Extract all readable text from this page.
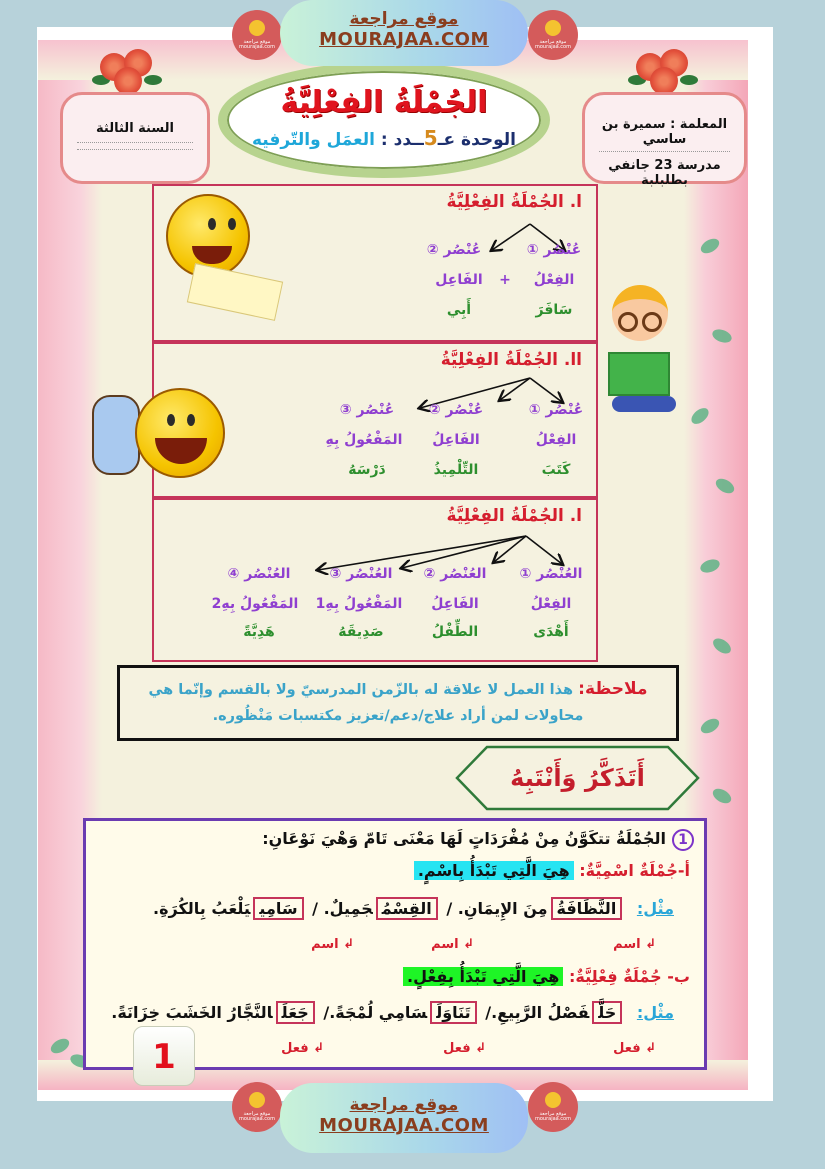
موقع مراجعة mourajaa.com
موقع مراجعة
MOURAJAA.COM	موقع مراجعة mourajaa.com
السنة الثالثة
الجُمْلَةُ الفِعْلِيَّةُ
الوحدة عـ5ــدد : العمَل والتّرفيه
المعلمة : سميرة بن ساسي
مدرسة 23 جانفي بطلبلبة
ا. الجُمْلَةُ الفِعْلِيَّةُ
عُنْصُر ①
عُنْصُر ②
الفِعْلُ
+
الفَاعِل
سَافَرَ
أَبِي
اا. الجُمْلَةُ الفِعْلِيَّةُ
عُنْصُر ①
عُنْصُر ②
عُنْصُر ③
الفِعْلُ
الفَاعِلُ
المَفْعُولُ بِهِ
كَتَبَ
التِّلْمِيذُ
دَرْسَهُ
ا. الجُمْلَةُ الفِعْلِيَّةُ
العُنْصُر ①
العُنْصُر ②
العُنْصُر ③
العُنْصُر ④
الفِعْلُ
الفَاعِلُ
المَفْعُولُ بِهِ1
المَفْعُولُ بِهِ2
أَهْدَى
الطِّفْلُ
صَدِيقَهُ
هَدِيَّةً
ملاحظة: هذا العمل لا علاقة له بالزّمن المدرسيّ ولا بالقسم وإنّما هي محاولات لمن أراد علاج/دعم/تعزيز مكتسبات مَنْظُوره.
أَتَذَكَّرُ وَأَنْتَبِهُ
1الجُمْلَةُ تتكَوَّنُ مِنْ مُفْرَدَاتٍ لَهَا مَعْنَى تَامّ وَهْيَ نَوْعَانِ:
أ-جُمْلَةٌ اسْمِيَّةٌ: هِيَ الَّتِي تَبْدَأُ بِاسْمٍ.
مثْل: النَّظَافَةُمِنَ الإِيمَانِ. / القِسْمُجَمِيلٌ. / سَامِييَلْعَبُ بِالكُرَةِ.
↲ اسم
↲ اسم
↲ اسم
ب- جُمْلَةٌ فِعْلِيَّةٌ: هِيَ الَّتِي تَبْدَأُ بِفِعْلٍ.
مثْل: حَلَّفَصْلُ الرَّبِيعِ./ تَنَاوَلَسَامِي لُمْجَةً./ جَعَلَالنَّجَّارُ الخَشَبَ خِزَانَةً.
↲ فعل
↲ فعل
↲ فعل
1
موقع مراجعة mourajaa.com
موقع مراجعة
MOURAJAA.COM
موقع مراجعة mourajaa.com
